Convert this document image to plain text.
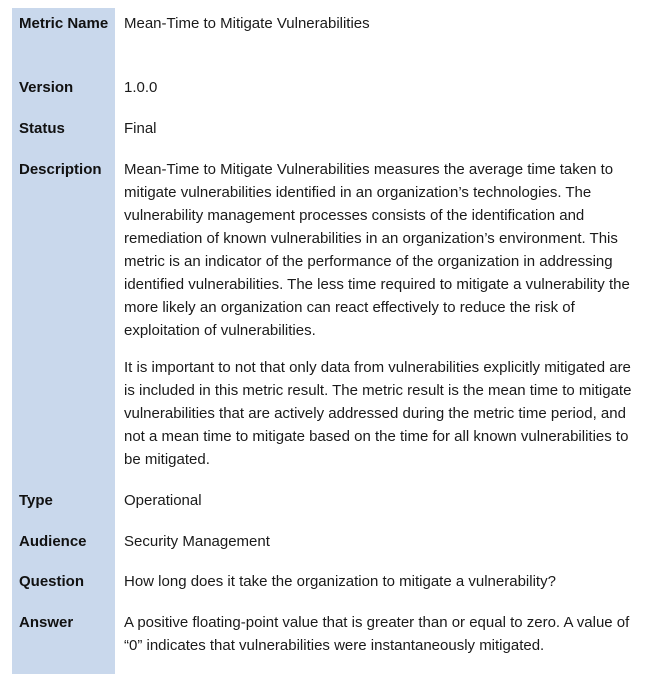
Metric Name	Mean-Time to Mitigate Vulnerabilities
Version	1.0.0
Status	Final
Description	Mean-Time to Mitigate Vulnerabilities measures the average time taken to mitigate vulnerabilities identified in an organization’s technologies. The vulnerability management processes consists of the identification and remediation of known vulnerabilities in an organization’s environment. This metric is an indicator of the performance of the organization in addressing identified vulnerabilities. The less time required to mitigate a vulnerability the more likely an organization can react effectively to reduce the risk of exploitation of vulnerabilities.

It is important to not that only data from vulnerabilities explicitly mitigated are is included in this metric result. The metric result is the mean time to mitigate vulnerabilities that are actively addressed during the metric time period, and not a mean time to mitigate based on the time for all known vulnerabilities to be mitigated.

Type	Operational
Audience	Security Management
Question	How long does it take the organization to mitigate a vulnerability?
Answer	A positive floating-point value that is greater than or equal to zero. A value of “0” indicates that vulnerabilities were instantaneously mitigated.
